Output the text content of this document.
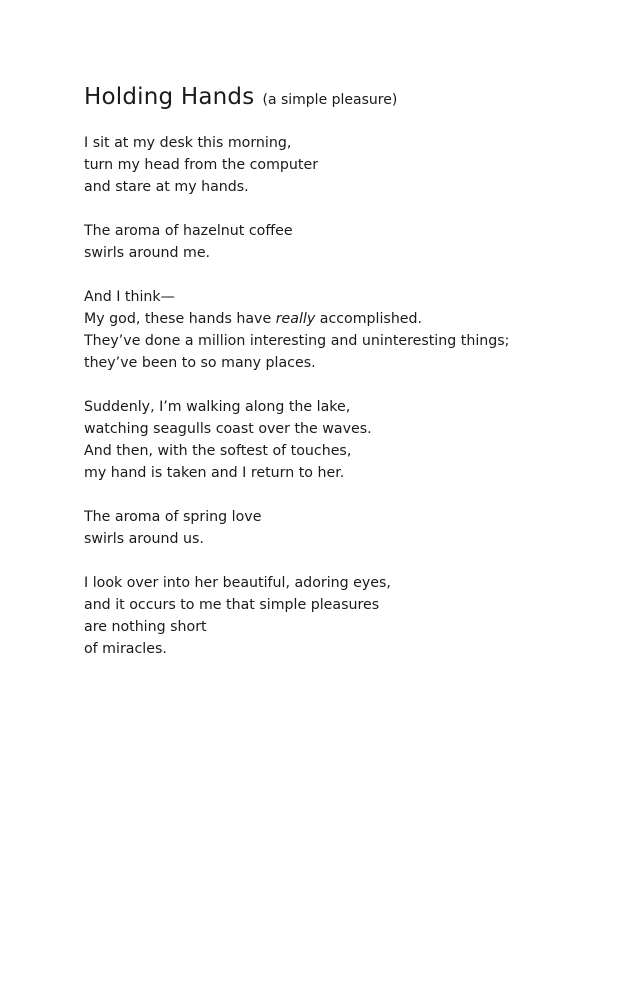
Holding Hands (a simple pleasure)
I sit at my desk this morning,
turn my head from the computer
and stare at my hands.
The aroma of hazelnut coffee
swirls around me.
And I think—
My god, these hands have really accomplished.
They’ve done a million interesting and uninteresting things;
they’ve been to so many places.
Suddenly, I’m walking along the lake,
watching seagulls coast over the waves.
And then, with the softest of touches,
my hand is taken and I return to her.
The aroma of spring love
swirls around us.
I look over into her beautiful, adoring eyes,
and it occurs to me that simple pleasures
are nothing short
of miracles.
